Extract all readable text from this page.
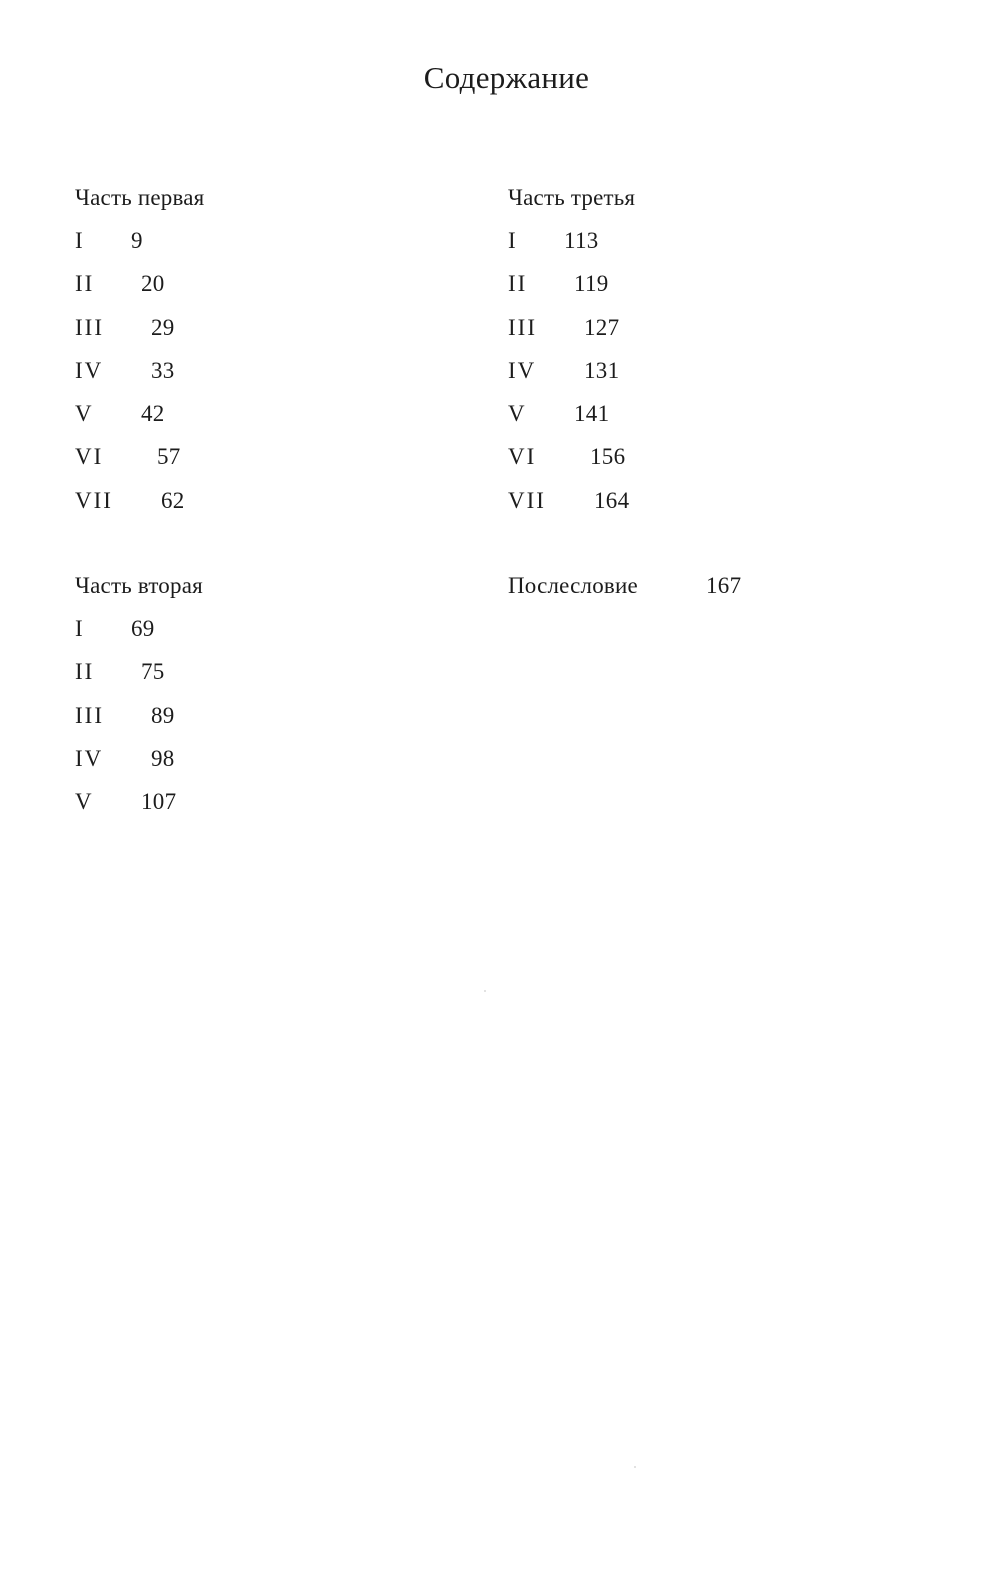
Содержание
Часть первая
I	9
II	20
III	29
IV	33
V	42
VI	57
VII	62
Часть третья
I	113
II	119
III	127
IV	131
V	141
VI	156
VII	164
Часть вторая
I	69
II	75
III	89
IV	98
V	107
Послесловие	167
